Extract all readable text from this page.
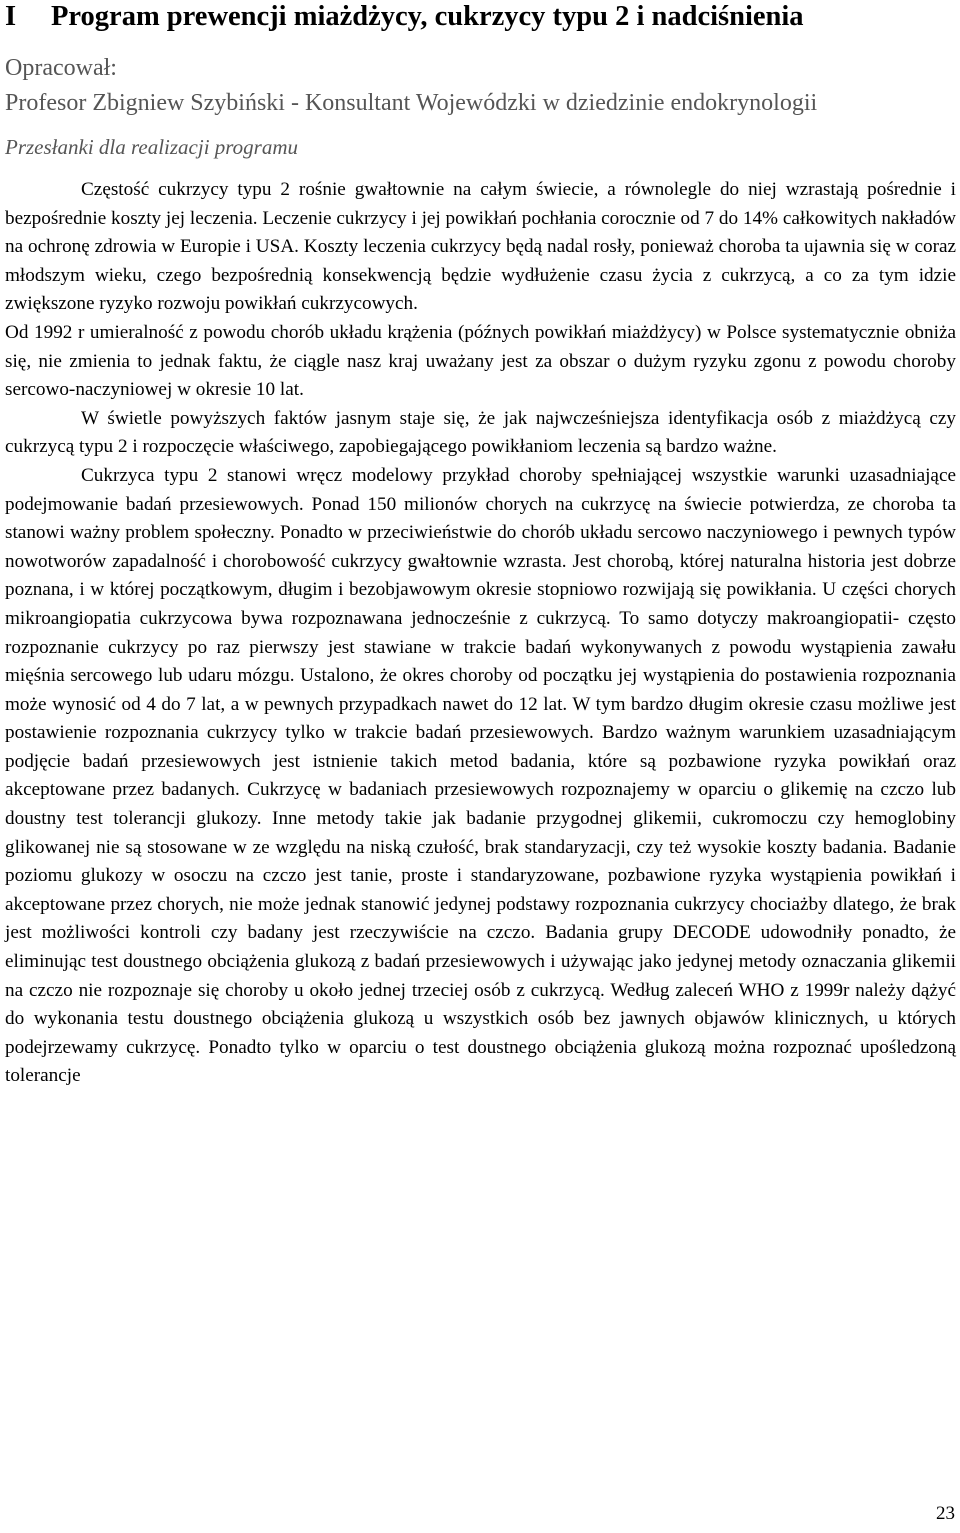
I Program prewencji miażdżycy, cukrzycy typu 2 i nadciśnienia
Opracował:
Profesor Zbigniew Szybiński - Konsultant Wojewódzki w dziedzinie endokrynologii
Przesłanki dla realizacji programu

Częstość cukrzycy typu 2 rośnie gwałtownie na całym świecie, a równolegle do niej wzrastają pośrednie i bezpośrednie koszty jej leczenia. Leczenie cukrzycy i jej powikłań pochłania corocznie od 7 do 14% całkowitych nakładów na ochronę zdrowia w Europie i USA. Koszty leczenia cukrzycy będą nadal rosły, ponieważ choroba ta ujawnia się w coraz młodszym wieku, czego bezpośrednią konsekwencją będzie wydłużenie czasu życia z cukrzycą, a co za tym idzie zwiększone ryzyko rozwoju powikłań cukrzycowych.

Od 1992 r umieralność z powodu chorób układu krążenia (późnych powikłań miażdżycy) w Polsce systematycznie obniża się, nie zmienia to jednak faktu, że ciągle nasz kraj uważany jest za obszar o dużym ryzyku zgonu z powodu choroby sercowo-naczyniowej w okresie 10 lat.

W świetle powyższych faktów jasnym staje się, że jak najwcześniejsza identyfikacja osób z miażdżycą czy cukrzycą typu 2 i rozpoczęcie właściwego, zapobiegającego powikłaniom leczenia są bardzo ważne.

Cukrzyca typu 2 stanowi wręcz modelowy przykład choroby spełniającej wszystkie warunki uzasadniające podejmowanie badań przesiewowych. Ponad 150 milionów chorych na cukrzycę na świecie potwierdza, ze choroba ta stanowi ważny problem społeczny. Ponadto w przeciwieństwie do chorób układu sercowo naczyniowego i pewnych typów nowotworów zapadalność i chorobowość cukrzycy gwałtownie wzrasta. Jest chorobą, której naturalna historia jest dobrze poznana, i w której początkowym, długim i bezobjawowym okresie stopniowo rozwijają się powikłania. U części chorych mikroangiopatia cukrzycowa bywa rozpoznawana jednocześnie z cukrzycą. To samo dotyczy makroangiopatii- często rozpoznanie cukrzycy po raz pierwszy jest stawiane w trakcie badań wykonywanych z powodu wystąpienia zawału mięśnia sercowego lub udaru mózgu. Ustalono, że okres choroby od początku jej wystąpienia do postawienia rozpoznania może wynosić od 4 do 7 lat, a w pewnych przypadkach nawet do 12 lat. W tym bardzo długim okresie czasu możliwe jest postawienie rozpoznania cukrzycy tylko w trakcie badań przesiewowych. Bardzo ważnym warunkiem uzasadniającym podjęcie badań przesiewowych jest istnienie takich metod badania, które są pozbawione ryzyka powikłań oraz akceptowane przez badanych. Cukrzycę w badaniach przesiewowych rozpoznajemy w oparciu o glikemię na czczo lub doustny test tolerancji glukozy. Inne metody takie jak badanie przygodnej glikemii, cukromoczu czy hemoglobiny glikowanej nie są stosowane w ze względu na niską czułość, brak standaryzacji, czy też wysokie koszty badania. Badanie poziomu glukozy w osoczu na czczo jest tanie, proste i standaryzowane, pozbawione ryzyka wystąpienia powikłań i akceptowane przez chorych, nie może jednak stanowić jedynej podstawy rozpoznania cukrzycy chociażby dlatego, że brak jest możliwości kontroli czy badany jest rzeczywiście na czczo. Badania grupy DECODE udowodniły ponadto, że eliminując test doustnego obciążenia glukozą z badań przesiewowych i używając jako jedynej metody oznaczania glikemii na czczo nie rozpoznaje się choroby u około jednej trzeciej osób z cukrzycą. Według zaleceń WHO z 1999r należy dążyć do wykonania testu doustnego obciążenia glukozą u wszystkich osób bez jawnych objawów klinicznych, u których podejrzewamy cukrzycę. Ponadto tylko w oparciu o test doustnego obciążenia glukozą można rozpoznać upośledzoną tolerancje

23
